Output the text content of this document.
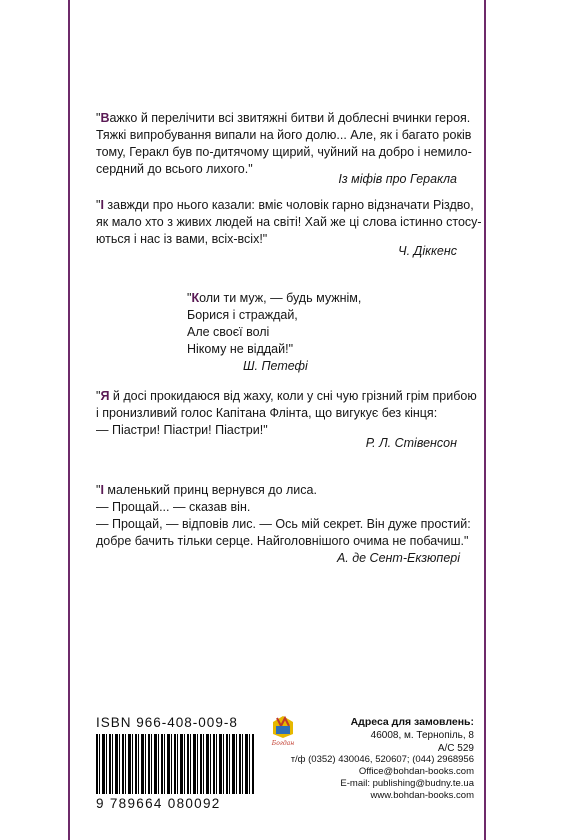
"Важко й перелічити всі звитяжні битви й доблесні вчинки героя.

Тяжкі випробування випали на його долю... Але, як і багато років

тому, Геракл був по-дитячому щирий, чуйний на добро і немило-

сердний до всього лихого."

Із міфів про Геракла

"І завжди про нього казали: вміє чоловік гарно відзначати Різдво,

як мало хто з живих людей на світі! Хай же ці слова істинно стосу-

ються і нас із вами, всіх-всіх!"

Ч. Діккенс

"Коли ти муж, — будь мужнім,

Борися і страждай,

Але своєї волі

Нікому не віддай!"

Ш. Петефі

"Я й досі прокидаюся від жаху, коли у сні чую грізний грім прибою

і пронизливий голос Капітана Флінта, що вигукує без кінця:

— Піастри! Піастри! Піастри!"

Р. Л. Стівенсон

"І маленький принц вернувся до лиса.

— Прощай... — сказав він.

— Прощай, — відповів лис. — Ось мій секрет. Він дуже простий:

добре бачить тільки серце. Найголовнішого очима не побачиш."

А. де Сент-Екзюпері
ISBN 966-408-009-8
9 789664 080092
Богдан

Адреса для замовлень:

46008, м. Тернопіль, 8

А/С 529

т/ф (0352) 430046, 520607; (044) 2968956

Office@bohdan-books.com

E-mail: publishing@budny.te.ua

www.bohdan-books.com
